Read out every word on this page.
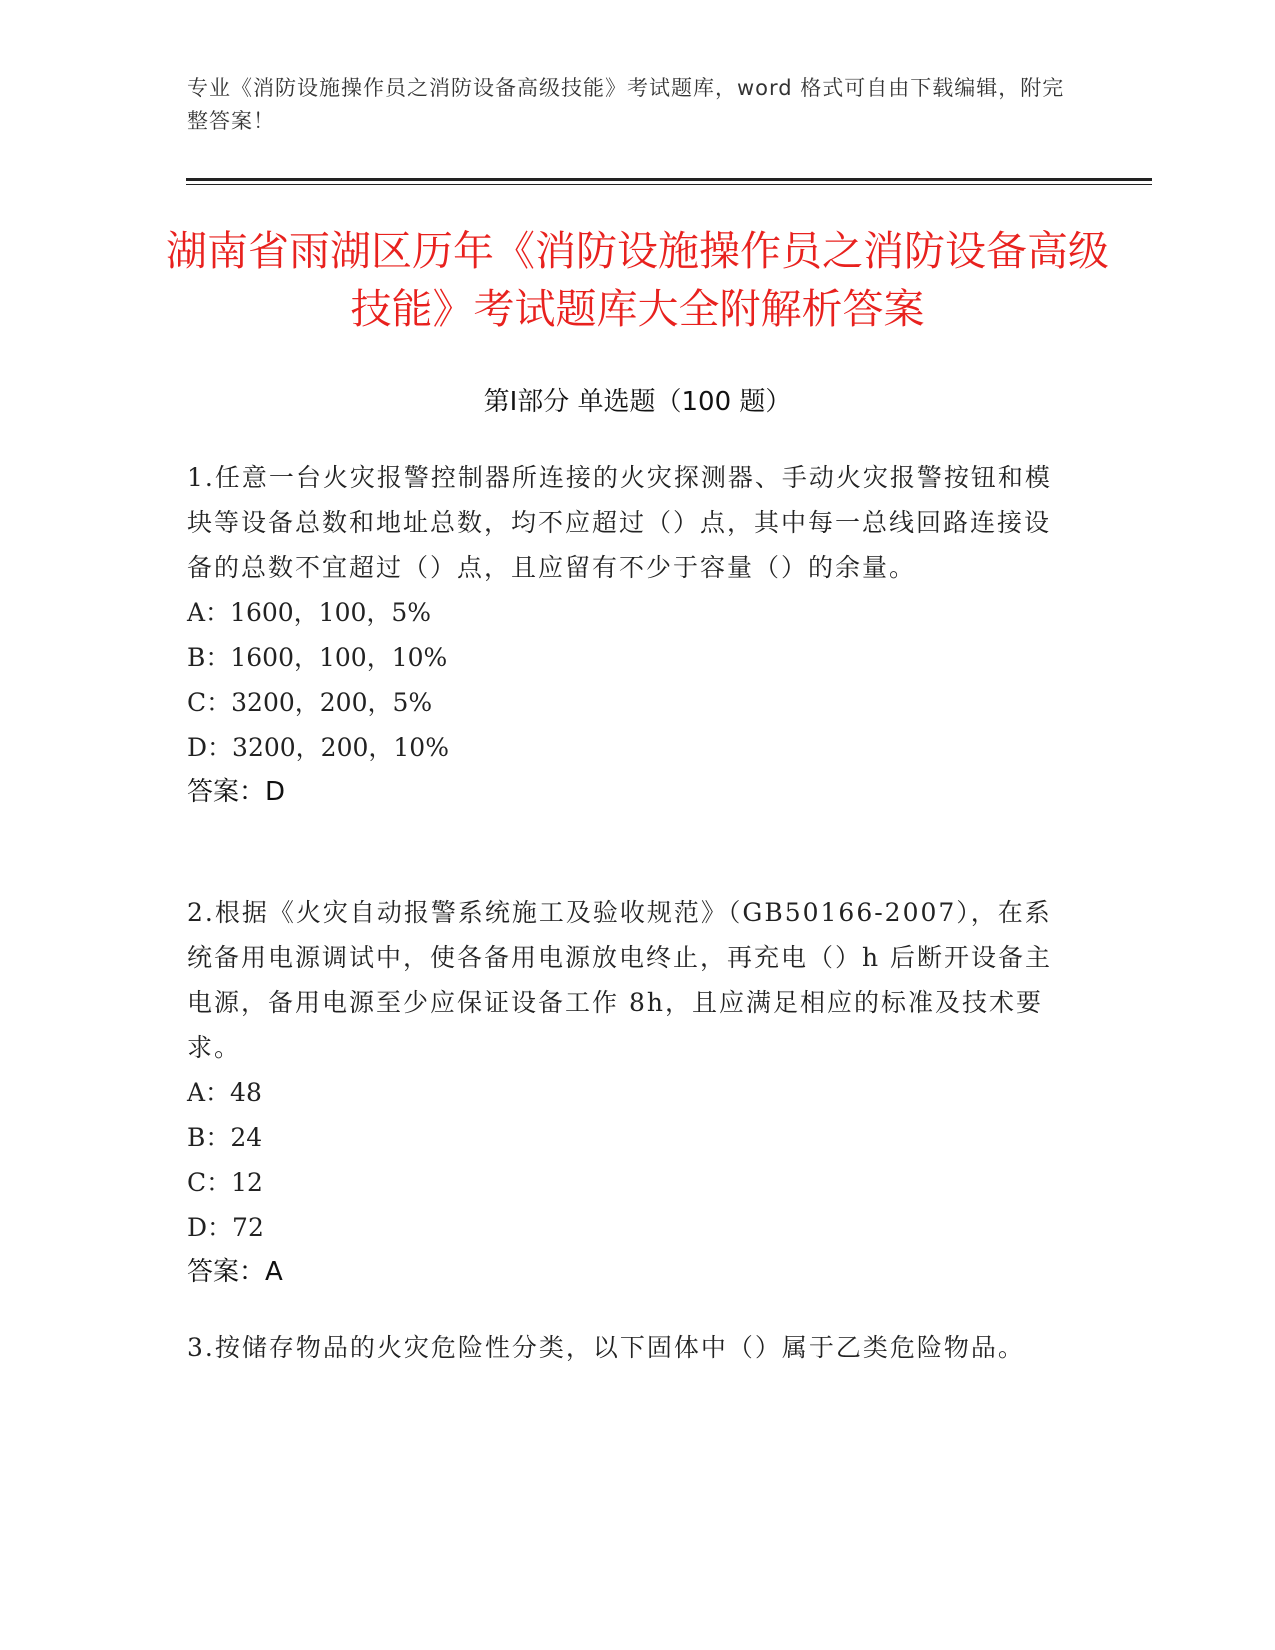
专业《消防设施操作员之消防设备高级技能》考试题库，word 格式可自由下载编辑，附完整答案！
湖南省雨湖区历年《消防设施操作员之消防设备高级技能》考试题库大全附解析答案
第Ⅰ部分 单选题（100 题）

1.任意一台火灾报警控制器所连接的火灾探测器、手动火灾报警按钮和模块等设备总数和地址总数，均不应超过（）点，其中每一总线回路连接设备的总数不宜超过（）点，且应留有不少于容量（）的余量。

A：1600，100，5%

B：1600，100，10%

C：3200，200，5%

D：3200，200，10%

答案：D

2.根据《火灾自动报警系统施工及验收规范》（GB50166-2007），在系统备用电源调试中，使各备用电源放电终止，再充电（）h 后断开设备主电源，备用电源至少应保证设备工作 8h，且应满足相应的标准及技术要求。

A：48

B：24

C：12

D：72

答案：A

3.按储存物品的火灾危险性分类，以下固体中（）属于乙类危险物品。
